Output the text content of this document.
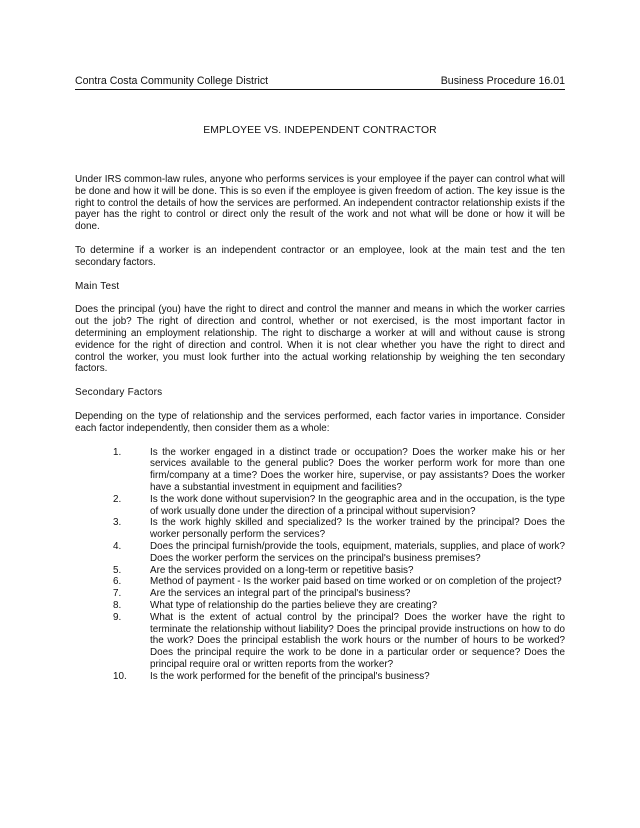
Contra Costa Community College District	Business Procedure 16.01
EMPLOYEE VS. INDEPENDENT CONTRACTOR

Under IRS common-law rules, anyone who performs services is your employee if the payer can control what will be done and how it will be done. This is so even if the employee is given freedom of action. The key issue is the right to control the details of how the services are performed. An independent contractor relationship exists if the payer has the right to control or direct only the result of the work and not what will be done or how it will be done.

To determine if a worker is an independent contractor or an employee, look at the main test and the ten secondary factors.

Main Test

Does the principal (you) have the right to direct and control the manner and means in which the worker carries out the job? The right of direction and control, whether or not exercised, is the most important factor in determining an employment relationship. The right to discharge a worker at will and without cause is strong evidence for the right of direction and control. When it is not clear whether you have the right to direct and control the worker, you must look further into the actual working relationship by weighing the ten secondary factors.

Secondary Factors

Depending on the type of relationship and the services performed, each factor varies in importance. Consider each factor independently, then consider them as a whole:

1.	Is the worker engaged in a distinct trade or occupation? Does the worker make his or her services available to the general public? Does the worker perform work for more than one firm/company at a time? Does the worker hire, supervise, or pay assistants? Does the worker have a substantial investment in equipment and facilities?
2.	Is the work done without supervision? In the geographic area and in the occupation, is the type of work usually done under the direction of a principal without supervision?
3.	Is the work highly skilled and specialized? Is the worker trained by the principal? Does the worker personally perform the services?
4.	Does the principal furnish/provide the tools, equipment, materials, supplies, and place of work? Does the worker perform the services on the principal's business premises?
5.	Are the services provided on a long-term or repetitive basis?
6.	Method of payment - Is the worker paid based on time worked or on completion of the project?
7.	Are the services an integral part of the principal's business?
8.	What type of relationship do the parties believe they are creating?
9.	What is the extent of actual control by the principal? Does the worker have the right to terminate the relationship without liability? Does the principal provide instructions on how to do the work? Does the principal establish the work hours or the number of hours to be worked? Does the principal require the work to be done in a particular order or sequence? Does the principal require oral or written reports from the worker?
10.	Is the work performed for the benefit of the principal's business?
